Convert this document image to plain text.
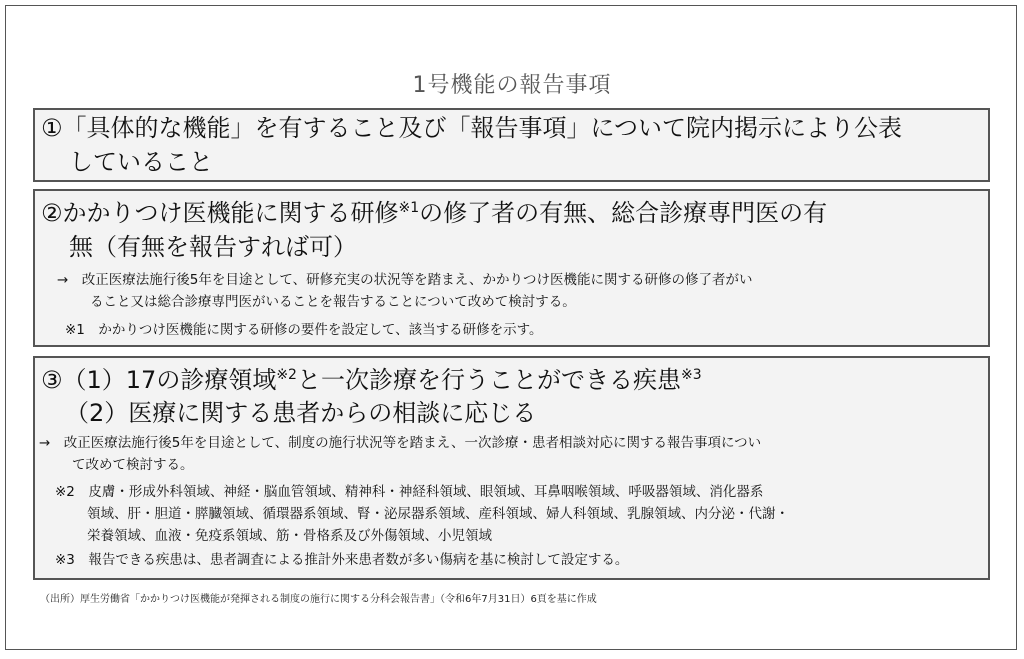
1号機能の報告事項
①「具体的な機能」を有すること及び「報告事項」について院内掲示により公表
していること
②かかりつけ医機能に関する研修$^{※1}$の修了者の有無、総合診療専門医の有
無（有無を報告すれば可）
→　改正医療法施行後5年を目途として、研修充実の状況等を踏まえ、かかりつけ医機能に関する研修の修了者がい
ること又は総合診療専門医がいることを報告することについて改めて検討する。
※1　かかりつけ医機能に関する研修の要件を設定して、該当する研修を示す。
③（1）17の診療領域$^{※2}$と一次診療を行うことができる疾患$^{※3}$
（2）医療に関する患者からの相談に応じる
→　改正医療法施行後5年を目途として、制度の施行状況等を踏まえ、一次診療・患者相談対応に関する報告事項につい
て改めて検討する。
※2　皮膚・形成外科領域、神経・脳血管領域、精神科・神経科領域、眼領域、耳鼻咽喉領域、呼吸器領域、消化器系
領域、肝・胆道・膵臓領域、循環器系領域、腎・泌尿器系領域、産科領域、婦人科領域、乳腺領域、内分泌・代謝・
栄養領域、血液・免疫系領域、筋・骨格系及び外傷領域、小児領域
※3　報告できる疾患は、患者調査による推計外来患者数が多い傷病を基に検討して設定する。
（出所）厚生労働省「かかりつけ医機能が発揮される制度の施行に関する分科会報告書」（令和6年7月31日）6頁を基に作成
